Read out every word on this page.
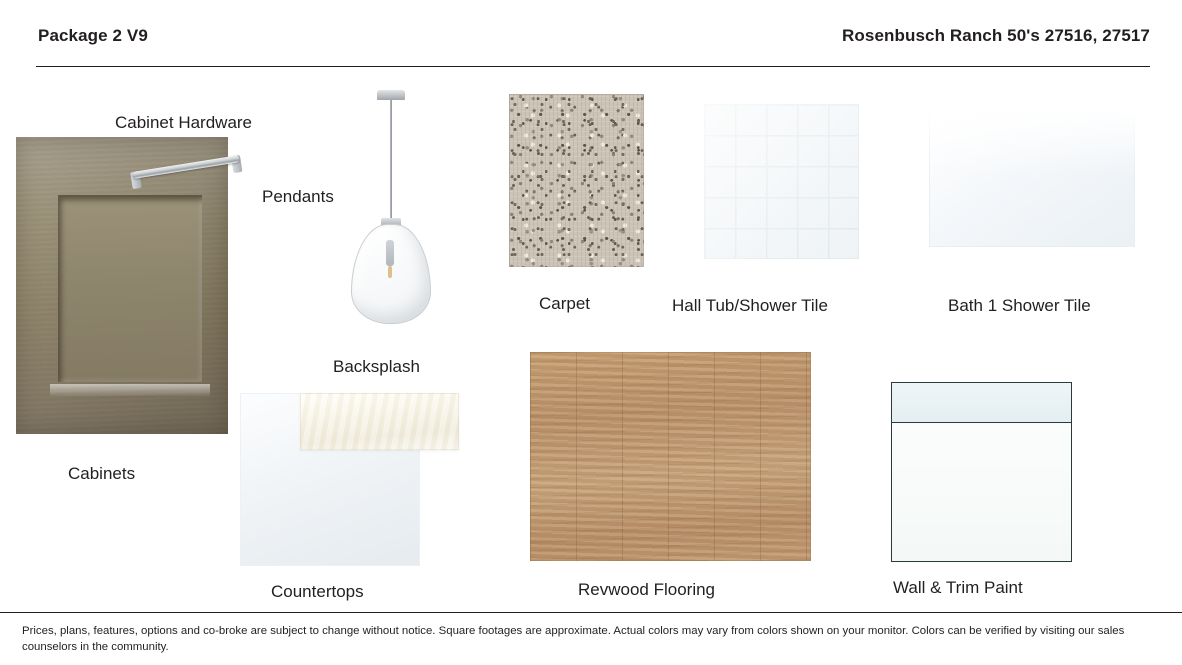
Package 2 V9	Rosenbusch Ranch 50's 27516, 27517
Cabinet Hardware
Cabinets
Pendants
Backsplash
Countertops
Carpet
Revwood Flooring
Hall Tub/Shower Tile	Bath 1 Shower Tile
Wall & Trim Paint
Prices, plans, features, options and co-broke are subject to change without notice. Square footages are approximate. Actual colors may vary from colors shown on your monitor. Colors can be verified by visiting our sales counselors in the community.
